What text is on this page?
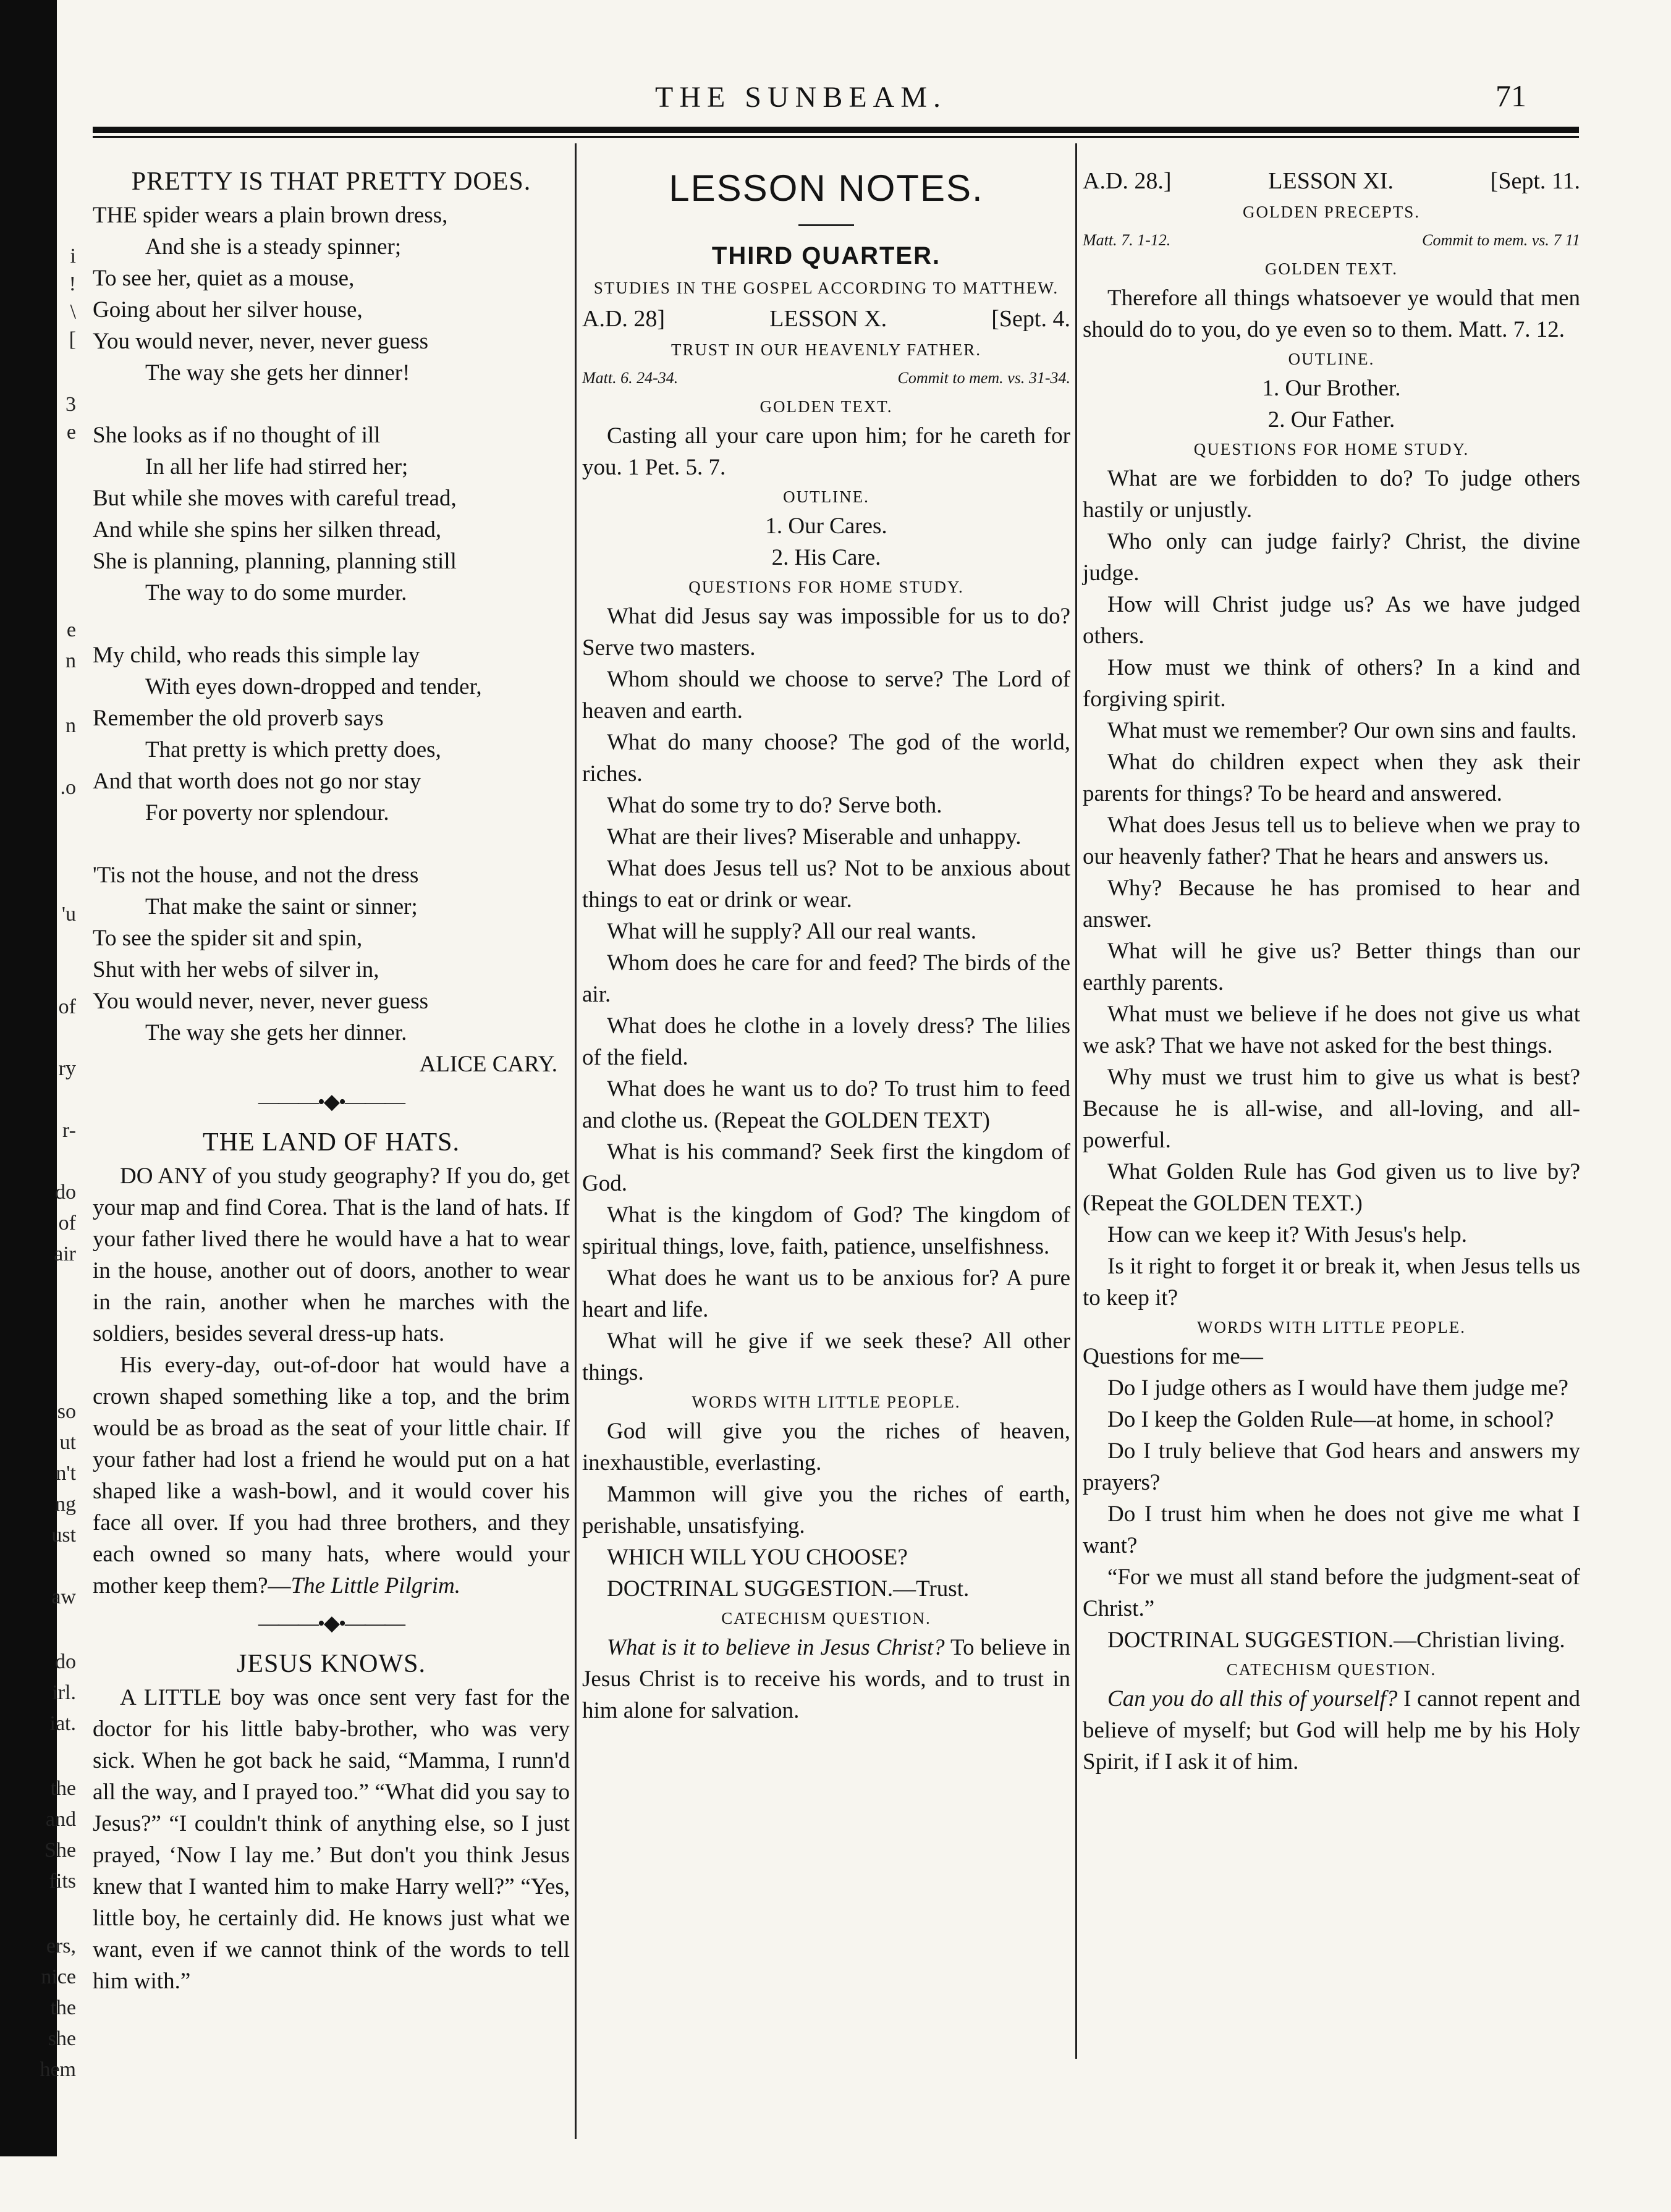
i
!
\
[
3
e
e
n
n
.o
'u
of
ry
r-
do
of
air
so
ut
n't
ng
ust
aw
do
irl.
iat.
the
and
She
fits
ers,
nice
the
she
hem
THE SUNBEAM.	71
PRETTY IS THAT PRETTY DOES.

THE spider wears a plain brown dress,

And she is a steady spinner;

To see her, quiet as a mouse,

Going about her silver house,

You would never, never, never guess

The way she gets her dinner!

She looks as if no thought of ill

In all her life had stirred her;

But while she moves with careful tread,

And while she spins her silken thread,

She is planning, planning, planning still

The way to do some murder.

My child, who reads this simple lay

With eyes down-dropped and tender,

Remember the old proverb says

That pretty is which pretty does,

And that worth does not go nor stay

For poverty nor splendour.

'Tis not the house, and not the dress

That make the saint or sinner;

To see the spider sit and spin,

Shut with her webs of silver in,

You would never, never, never guess

The way she gets her dinner.

ALICE CARY.

———•◆•———
THE LAND OF HATS.

DO ANY of you study geography? If you do, get your map and find Corea. That is the land of hats. If your father lived there he would have a hat to wear in the house, another out of doors, another to wear in the rain, another when he marches with the soldiers, besides several dress-up hats.

His every-day, out-of-door hat would have a crown shaped something like a top, and the brim would be as broad as the seat of your little chair. If your father had lost a friend he would put on a hat shaped like a wash-bowl, and it would cover his face all over. If you had three brothers, and they each owned so many hats, where would your mother keep them?—The Little Pilgrim.

———•◆•———
JESUS KNOWS.

A LITTLE boy was once sent very fast for the doctor for his little baby-brother, who was very sick. When he got back he said, “Mamma, I runn'd all the way, and I prayed too.” “What did you say to Jesus?” “I couldn't think of anything else, so I just prayed, ‘Now I lay me.’ But don't you think Jesus knew that I wanted him to make Harry well?” “Yes, little boy, he certainly did. He knows just what we want, even if we cannot think of the words to tell him with.”

LESSON NOTES.

THIRD QUARTER.

STUDIES IN THE GOSPEL ACCORDING TO MATTHEW.

A.D. 28]	LESSON X.	[Sept. 4.

TRUST IN OUR HEAVENLY FATHER.

Matt. 6. 24-34.	Commit to mem. vs. 31-34.

GOLDEN TEXT.

Casting all your care upon him; for he careth for you. 1 Pet. 5. 7.

OUTLINE.

1. Our Cares.

2. His Care.

QUESTIONS FOR HOME STUDY.

What did Jesus say was impossible for us to do? Serve two masters.

Whom should we choose to serve? The Lord of heaven and earth.

What do many choose? The god of the world, riches.

What do some try to do? Serve both.

What are their lives? Miserable and unhappy.

What does Jesus tell us? Not to be anxious about things to eat or drink or wear.

What will he supply? All our real wants.

Whom does he care for and feed? The birds of the air.

What does he clothe in a lovely dress? The lilies of the field.

What does he want us to do? To trust him to feed and clothe us. (Repeat the GOLDEN TEXT)

What is his command? Seek first the kingdom of God.

What is the kingdom of God? The kingdom of spiritual things, love, faith, patience, unselfishness.

What does he want us to be anxious for? A pure heart and life.

What will he give if we seek these? All other things.

WORDS WITH LITTLE PEOPLE.

God will give you the riches of heaven, inexhaustible, everlasting.

Mammon will give you the riches of earth, perishable, unsatisfying.

WHICH WILL YOU CHOOSE?

DOCTRINAL SUGGESTION.—Trust.

CATECHISM QUESTION.

What is it to believe in Jesus Christ? To believe in Jesus Christ is to receive his words, and to trust in him alone for salvation.

A.D. 28.]	LESSON XI.	[Sept. 11.

GOLDEN PRECEPTS.

Matt. 7. 1-12.	Commit to mem. vs. 7 11

GOLDEN TEXT.

Therefore all things whatsoever ye would that men should do to you, do ye even so to them. Matt. 7. 12.

OUTLINE.

1. Our Brother.

2. Our Father.

QUESTIONS FOR HOME STUDY.

What are we forbidden to do? To judge others hastily or unjustly.

Who only can judge fairly? Christ, the divine judge.

How will Christ judge us? As we have judged others.

How must we think of others? In a kind and forgiving spirit.

What must we remember? Our own sins and faults.

What do children expect when they ask their parents for things? To be heard and answered.

What does Jesus tell us to believe when we pray to our heavenly father? That he hears and answers us.

Why? Because he has promised to hear and answer.

What will he give us? Better things than our earthly parents.

What must we believe if he does not give us what we ask? That we have not asked for the best things.

Why must we trust him to give us what is best? Because he is all-wise, and all-loving, and all-powerful.

What Golden Rule has God given us to live by? (Repeat the GOLDEN TEXT.)

How can we keep it? With Jesus's help.

Is it right to forget it or break it, when Jesus tells us to keep it?

WORDS WITH LITTLE PEOPLE.

Questions for me—

Do I judge others as I would have them judge me?

Do I keep the Golden Rule—at home, in school?

Do I truly believe that God hears and answers my prayers?

Do I trust him when he does not give me what I want?

“For we must all stand before the judgment-seat of Christ.”

DOCTRINAL SUGGESTION.—Christian living.

CATECHISM QUESTION.

Can you do all this of yourself? I cannot repent and believe of myself; but God will help me by his Holy Spirit, if I ask it of him.
